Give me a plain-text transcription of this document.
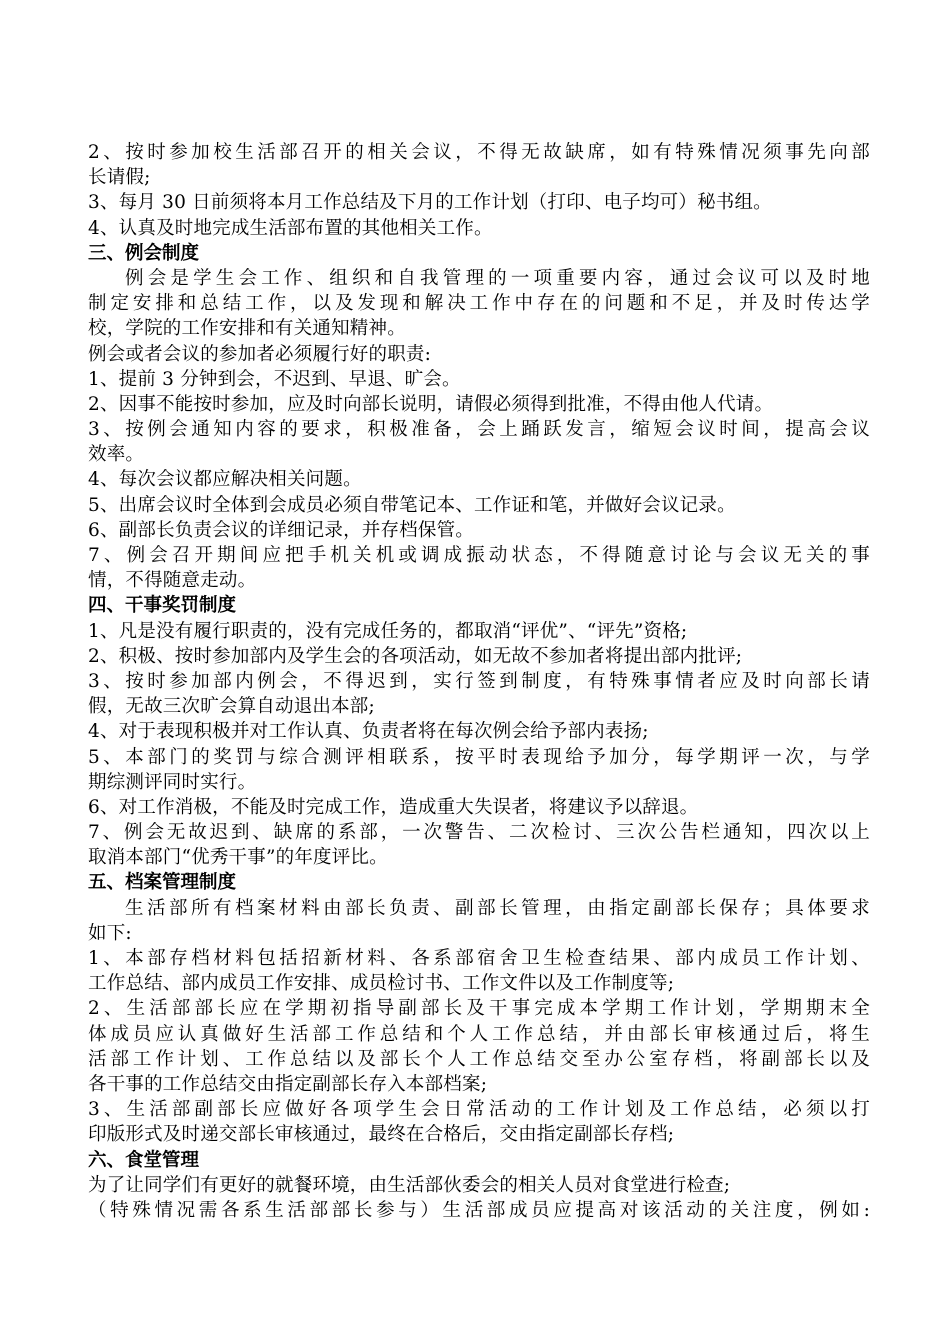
2、按时参加校生活部召开的相关会议，不得无故缺席，如有特殊情况须事先向部
长请假;
3、每月 30 日前须将本月工作总结及下月的工作计划（打印、电子均可）秘书组。
4、认真及时地完成生活部布置的其他相关工作。
三、例会制度
例会是学生会工作、组织和自我管理的一项重要内容，通过会议可以及时地
制定安排和总结工作，以及发现和解决工作中存在的问题和不足，并及时传达学
校，学院的工作安排和有关通知精神。
例会或者会议的参加者必须履行好的职责:
1、提前 3 分钟到会，不迟到、早退、旷会。
2、因事不能按时参加，应及时向部长说明，请假必须得到批准，不得由他人代请。
3、按例会通知内容的要求，积极准备，会上踊跃发言，缩短会议时间，提高会议
效率。
4、每次会议都应解决相关问题。
5、出席会议时全体到会成员必须自带笔记本、工作证和笔，并做好会议记录。
6、副部长负责会议的详细记录，并存档保管。
7、例会召开期间应把手机关机或调成振动状态，不得随意讨论与会议无关的事
情，不得随意走动。
四、干事奖罚制度
1、凡是没有履行职责的，没有完成任务的，都取消“评优”、“评先”资格;
2、积极、按时参加部内及学生会的各项活动，如无故不参加者将提出部内批评;
3、按时参加部内例会，不得迟到，实行签到制度，有特殊事情者应及时向部长请
假，无故三次旷会算自动退出本部;
4、对于表现积极并对工作认真、负责者将在每次例会给予部内表扬;
5、本部门的奖罚与综合测评相联系，按平时表现给予加分，每学期评一次，与学
期综测评同时实行。
6、对工作消极，不能及时完成工作，造成重大失误者，将建议予以辞退。
7、例会无故迟到、缺席的系部，一次警告、二次检讨、三次公告栏通知，四次以上
取消本部门“优秀干事”的年度评比。
五、档案管理制度
生活部所有档案材料由部长负责、副部长管理，由指定副部长保存；具体要求
如下:
1、本部存档材料包括招新材料、各系部宿舍卫生检查结果、部内成员工作计划、
工作总结、部内成员工作安排、成员检讨书、工作文件以及工作制度等;
2、生活部部长应在学期初指导副部长及干事完成本学期工作计划，学期期末全
体成员应认真做好生活部工作总结和个人工作总结，并由部长审核通过后，将生
活部工作计划、工作总结以及部长个人工作总结交至办公室存档，将副部长以及
各干事的工作总结交由指定副部长存入本部档案;
3、生活部副部长应做好各项学生会日常活动的工作计划及工作总结，必须以打
印版形式及时递交部长审核通过，最终在合格后，交由指定副部长存档;
六、食堂管理
为了让同学们有更好的就餐环境，由生活部伙委会的相关人员对食堂进行检查;
（特殊情况需各系生活部部长参与）生活部成员应提高对该活动的关注度，例如:
